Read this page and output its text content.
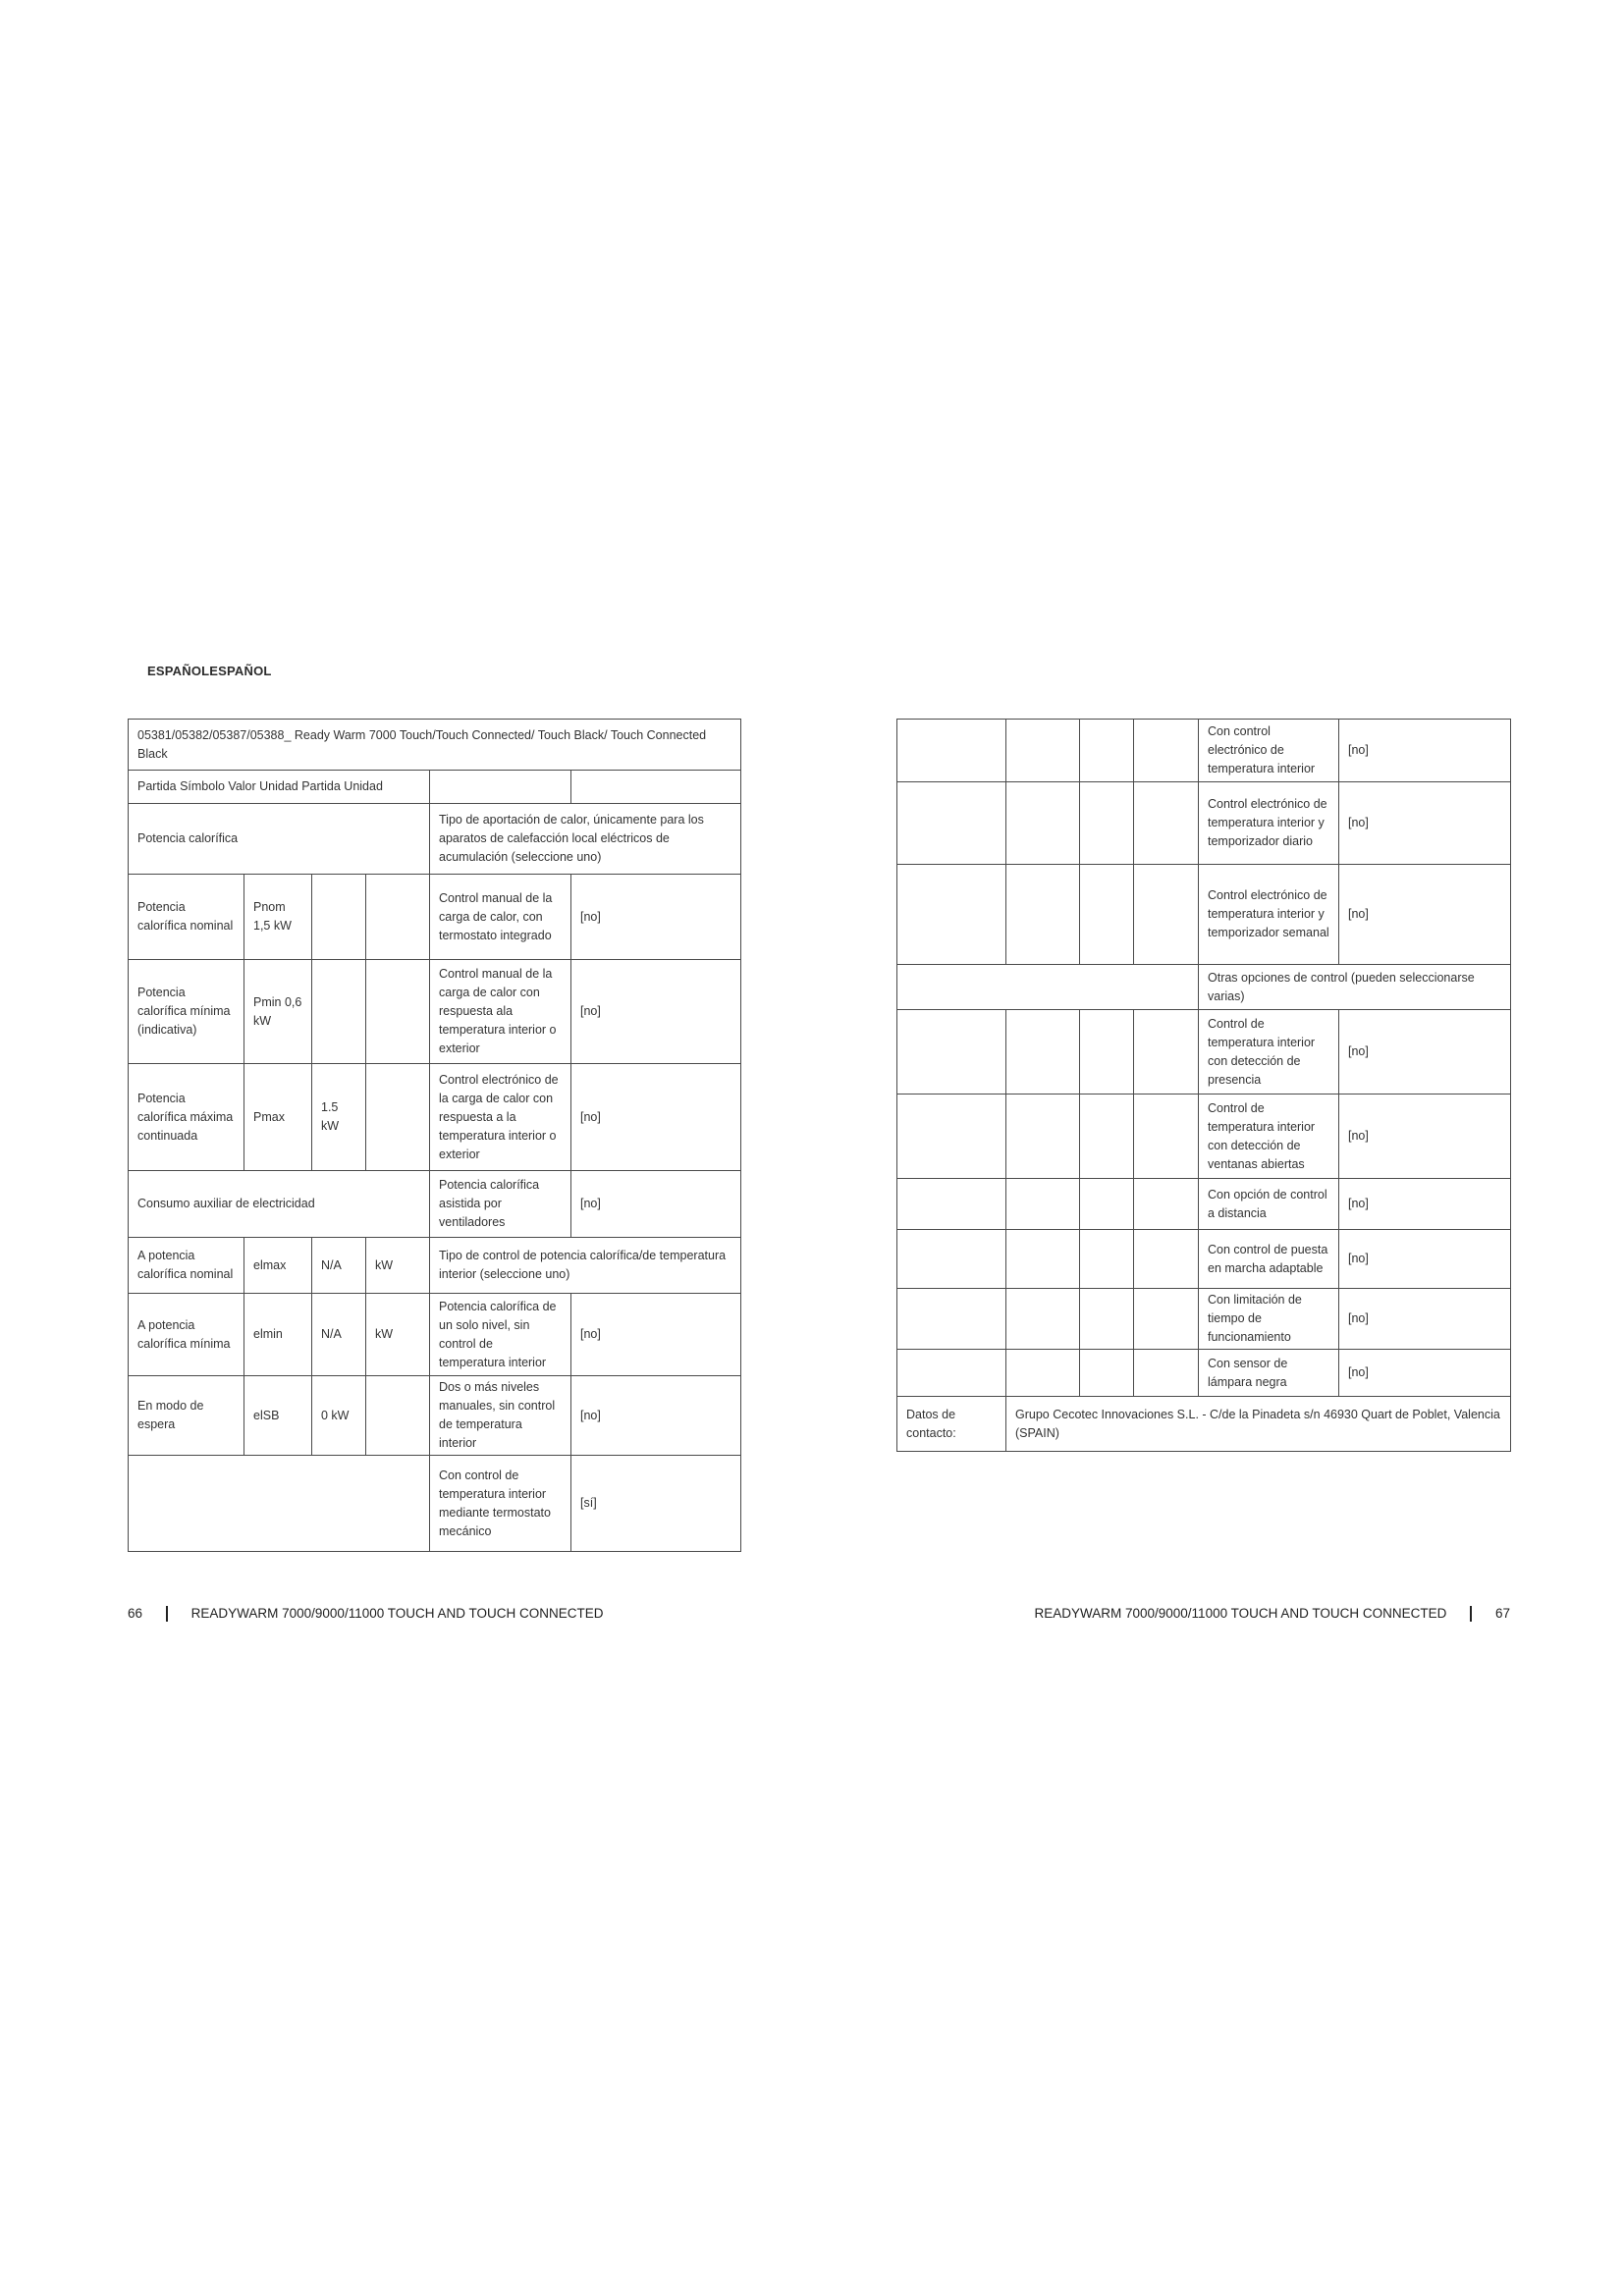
ESPAÑOLESPAÑOL
05381/05382/05387/05388_ Ready Warm 7000 Touch/Touch Connected/ Touch Black/ Touch Connected Black					
Partida Símbolo Valor Unidad Partida Unidad					
Potencia calorífica				Tipo de aportación de calor, únicamente para los aparatos de calefacción local eléctricos de acumulación (seleccione uno)	
Potencia calorífica nominal	Pnom 1,5 kW			Control manual de la carga de calor, con termostato integrado	[no]
Potencia calorífica mínima (indicativa)	Pmin 0,6 kW			Control manual de la carga de calor con respuesta ala temperatura interior o exterior	[no]
Potencia calorífica máxima continuada	Pmax	1.5 kW		Control electrónico de la carga de calor con respuesta a la temperatura interior o exterior	[no]
Consumo auxiliar de electricidad				Potencia calorífica asistida por ventiladores	[no]
A potencia calorífica nominal	elmax	N/A	kW	Tipo de control de potencia calorífica/de temperatura interior (seleccione uno)	
A potencia calorífica mínima	elmin	N/A	kW	Potencia calorífica de un solo nivel, sin control de temperatura interior	[no]
En modo de espera	elSB	0 kW		Dos o más niveles manuales, sin control de temperatura interior	[no]
				Con control de temperatura interior mediante termostato mecánico	[sí]
				Con control electrónico de temperatura interior	[no]
				Control electrónico de temperatura interior y temporizador diario	[no]
				Control electrónico de temperatura interior y temporizador semanal	[no]
				Otras opciones de control (pueden seleccionarse varias)	
				Control de temperatura interior con detección de presencia	[no]
				Control de temperatura interior con detección de ventanas abiertas	[no]
				Con opción de control a distancia	[no]
				Con control de puesta en marcha adaptable	[no]
				Con limitación de tiempo de funcionamiento	[no]
				Con sensor de lámpara negra	[no]
Datos de contacto:	Grupo Cecotec Innovaciones S.L. - C/de la Pinadeta s/n 46930 Quart de Poblet, Valencia (SPAIN)				
66	READYWARM 7000/9000/11000 TOUCH AND TOUCH CONNECTED	READYWARM 7000/9000/11000 TOUCH AND TOUCH CONNECTED	67
